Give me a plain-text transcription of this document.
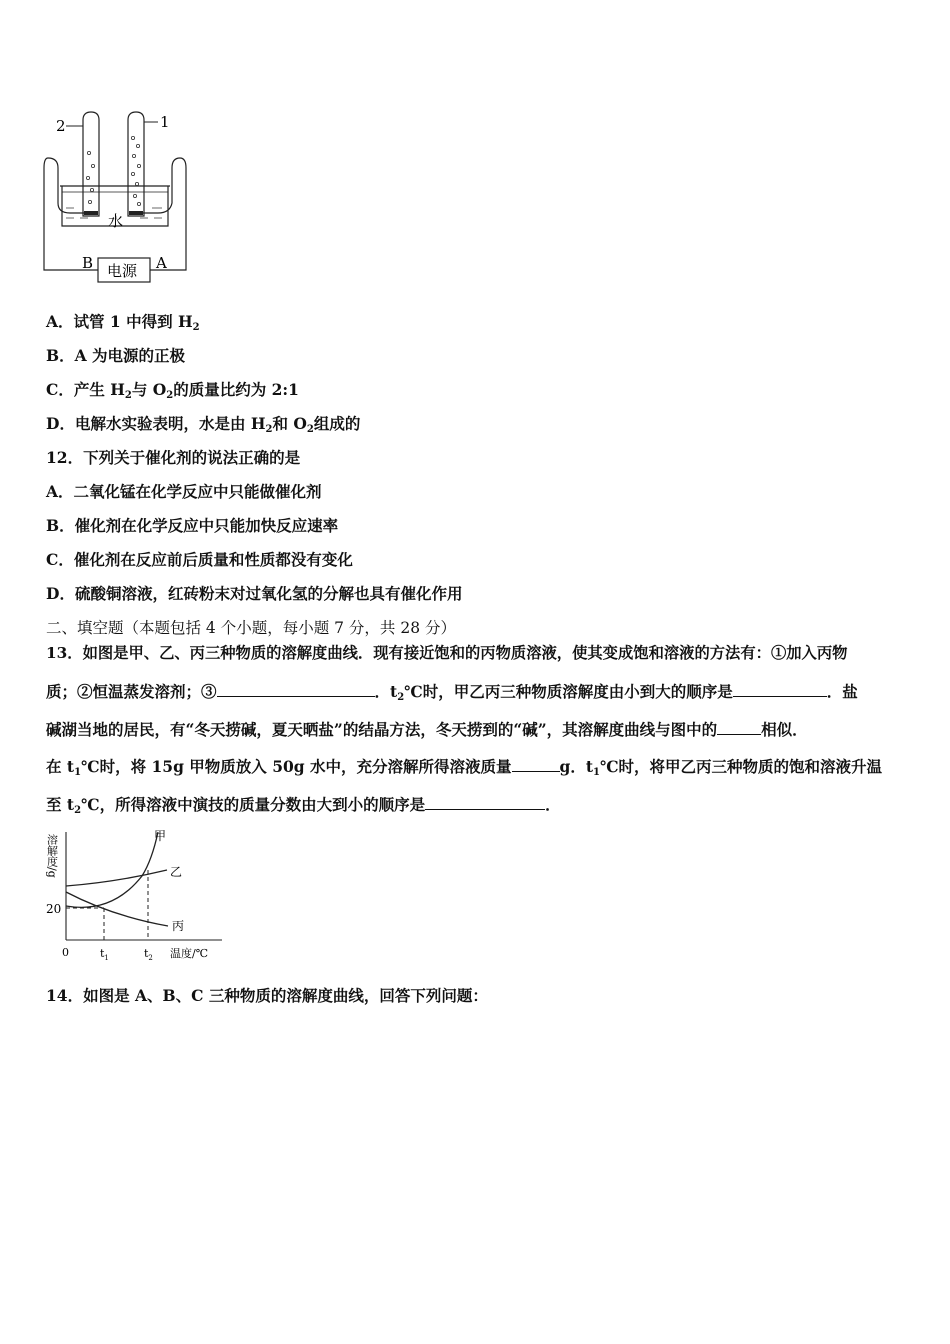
2	1
水
B	A
电源
A．试管 1 中得到 $H_2$
B．A 为电源的正极
C．产生 $H_2$与 $O_2$的质量比约为 2:1
D．电解水实验表明，水是由 $H_2$和 $O_2$组成的
12．下列关于催化剂的说法正确的是
A．二氧化锰在化学反应中只能做催化剂
B．催化剂在化学反应中只能加快反应速率
C．催化剂在反应前后质量和性质都没有变化
D．硫酸铜溶液，红砖粉末对过氧化氢的分解也具有催化作用
二、填空题（本题包括 4 个小题，每小题 7 分，共 28 分）
13．如图是甲、乙、丙三种物质的溶解度曲线．现有接近饱和的丙物质溶液，使其变成饱和溶液的方法有：①加入丙物
质；②恒温蒸发溶剂；③	．$t_2℃$时，甲乙丙三种物质溶解度由小到大的顺序是	．盐
碱湖当地的居民，有“冬天捞碱，夏天晒盐”的结晶方法，冬天捞到的“碱”，其溶解度曲线与图中的	相似．
在 $t_1℃$时，将 15g 甲物质放入 50g 水中，充分溶解所得溶液质量	g．$t_1℃$时，将甲乙丙三种物质的饱和溶液升温
至 $t_2℃$，所得溶液中演技的质量分数由大到小的顺序是	．
溶解度/g	甲
乙
丙
20
0	$t_1$	$t_2$ 温度/℃
14．如图是 A、B、C 三种物质的溶解度曲线，回答下列问题：
